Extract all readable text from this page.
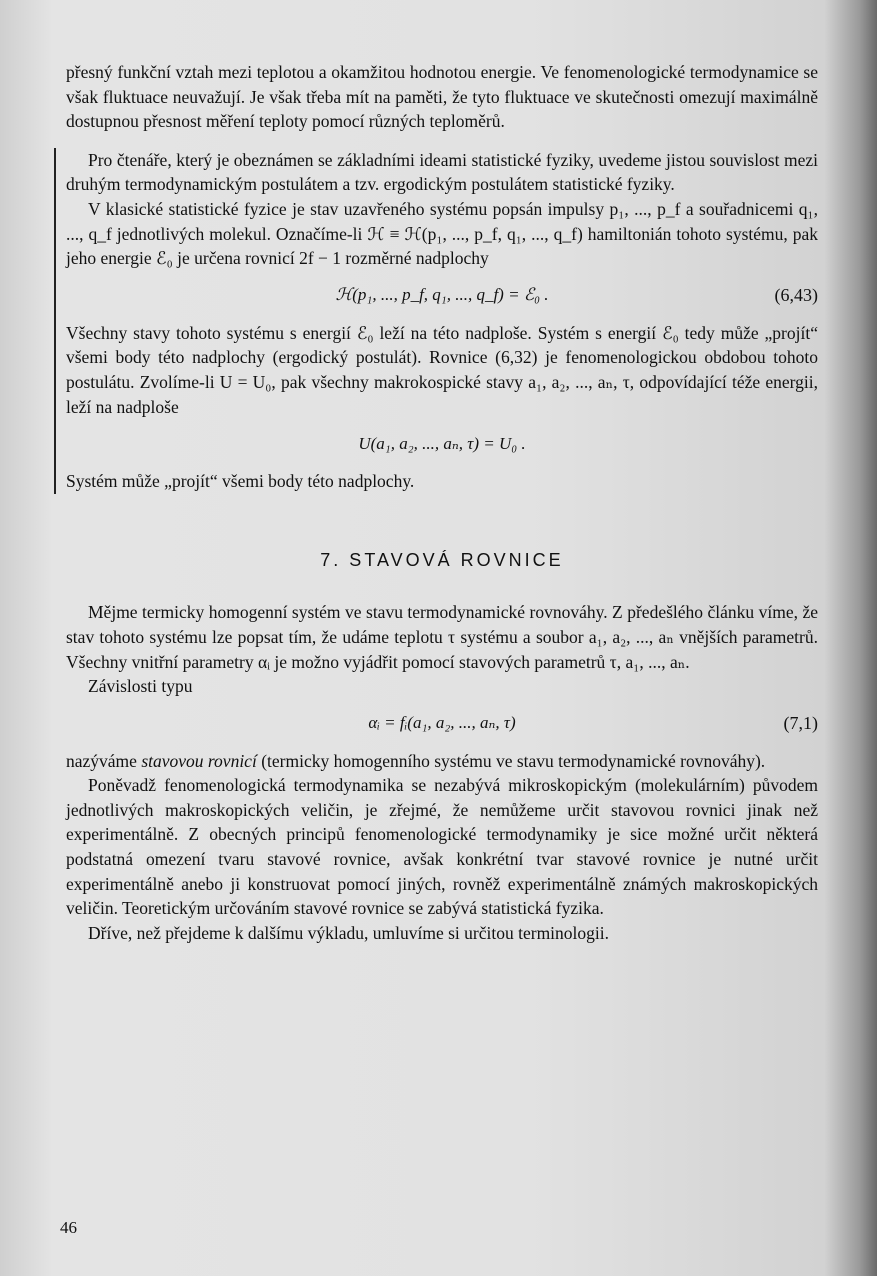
přesný funkční vztah mezi teplotou a okamžitou hodnotou energie. Ve fenomenologické termodynamice se však fluktuace neuvažují. Je však třeba mít na paměti, že tyto fluktuace ve skutečnosti omezují maximálně dostupnou přesnost měření teploty pomocí různých teploměrů.

Pro čtenáře, který je obeznámen se základními ideami statistické fyziky, uvedeme jistou souvislost mezi druhým termodynamickým postulátem a tzv. ergodickým postulátem statistické fyziky.

V klasické statistické fyzice je stav uzavřeného systému popsán impulsy p₁, ..., p_f a souřadnicemi q₁, ..., q_f jednotlivých molekul. Označíme-li ℋ ≡ ℋ(p₁, ..., p_f, q₁, ..., q_f) hamiltonián tohoto systému, pak jeho energie ℰ₀ je určena rovnicí 2f − 1 rozměrné nadplochy

ℋ(p₁, ..., p_f, q₁, ..., q_f) = ℰ₀ .	(6,43)

Všechny stavy tohoto systému s energií ℰ₀ leží na této nadploše. Systém s energií ℰ₀ tedy může „projít“ všemi body této nadplochy (ergodický postulát). Rovnice (6,32) je fenomenologickou obdobou tohoto postulátu. Zvolíme-li U = U₀, pak všechny makrokospické stavy a₁, a₂, ..., aₙ, τ, odpovídající téže energii, leží na nadploše

U(a₁, a₂, ..., aₙ, τ) = U₀ .

Systém může „projít“ všemi body této nadplochy.

7. STAVOVÁ ROVNICE

Mějme termicky homogenní systém ve stavu termodynamické rovnováhy. Z předešlého článku víme, že stav tohoto systému lze popsat tím, že udáme teplotu τ systému a soubor a₁, a₂, ..., aₙ vnějších parametrů. Všechny vnitřní parametry αᵢ je možno vyjádřit pomocí stavových parametrů τ, a₁, ..., aₙ.

Závislosti typu

αᵢ = fᵢ(a₁, a₂, ..., aₙ, τ)	(7,1)

nazýváme stavovou rovnicí (termicky homogenního systému ve stavu termodynamické rovnováhy).

Poněvadž fenomenologická termodynamika se nezabývá mikroskopickým (molekulárním) původem jednotlivých makroskopických veličin, je zřejmé, že nemůžeme určit stavovou rovnici jinak než experimentálně. Z obecných principů fenomenologické termodynamiky je sice možné určit některá podstatná omezení tvaru stavové rovnice, avšak konkrétní tvar stavové rovnice je nutné určit experimentálně anebo ji konstruovat pomocí jiných, rovněž experimentálně známých makroskopických veličin. Teoretickým určováním stavové rovnice se zabývá statistická fyzika.

Dříve, než přejdeme k dalšímu výkladu, umluvíme si určitou terminologii.

46
